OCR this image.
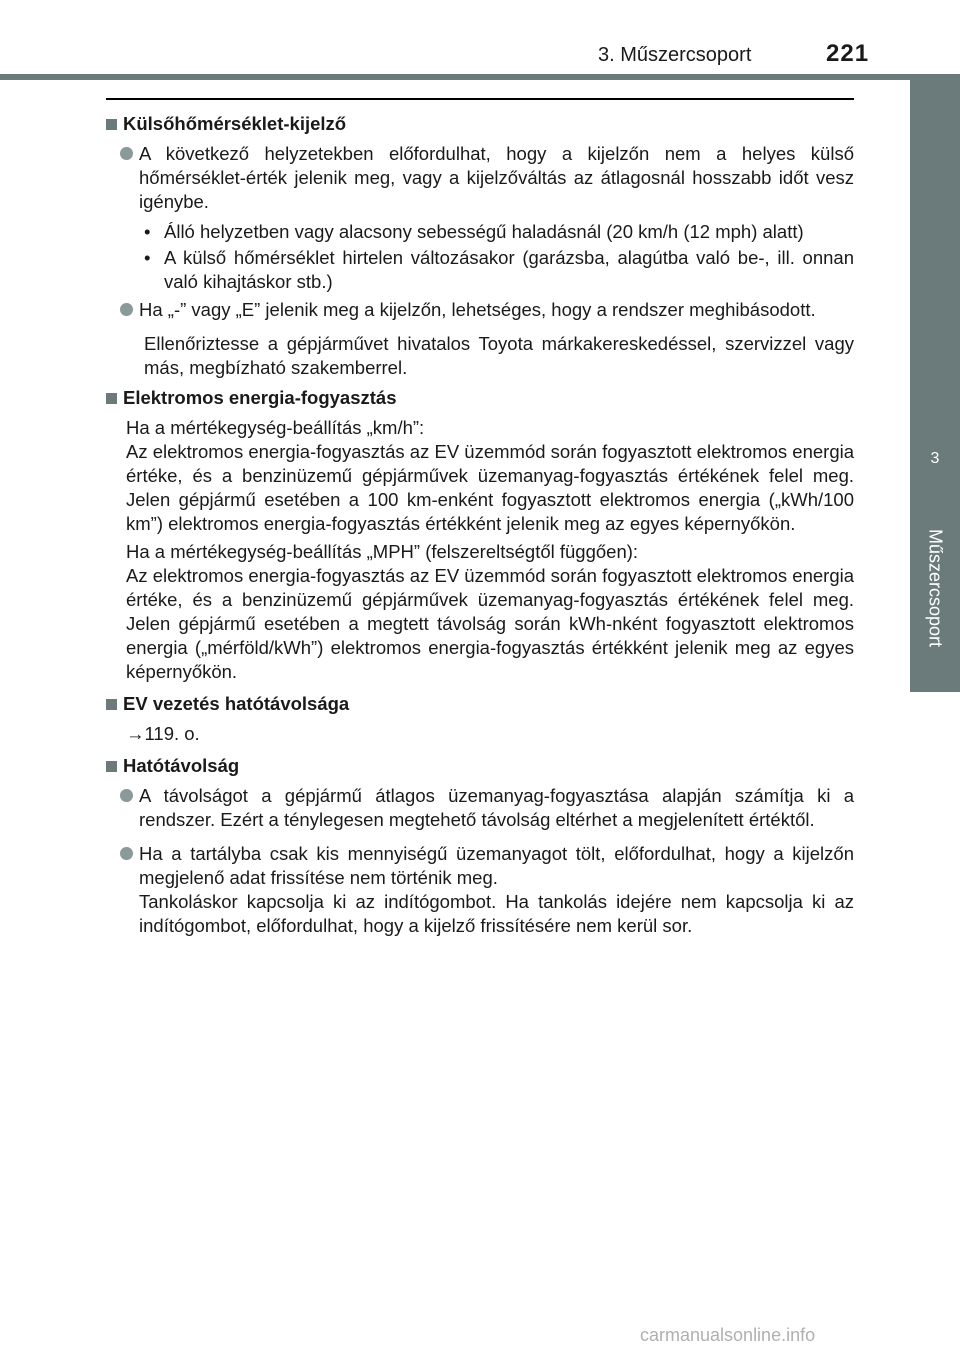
3. Műszercsoport	221
3
Műszercsoport
Külsőhőmérséklet-kijelző
A következő helyzetekben előfordulhat, hogy a kijelzőn nem a helyes külső hőmérséklet-érték jelenik meg, vagy a kijelzőváltás az átlagosnál hosszabb időt vesz igénybe.
• Álló helyzetben vagy alacsony sebességű haladásnál (20 km/h (12 mph) alatt)
• A külső hőmérséklet hirtelen változásakor (garázsba, alagútba való be-, ill. onnan való kihajtáskor stb.)
Ha „-” vagy „E” jelenik meg a kijelzőn, lehetséges, hogy a rendszer meghibásodott.
Ellenőriztesse a gépjárművet hivatalos Toyota márkakereskedéssel, szervizzel vagy más, megbízható szakemberrel.
Elektromos energia-fogyasztás
Ha a mértékegység-beállítás „km/h”:
Az elektromos energia-fogyasztás az EV üzemmód során fogyasztott elektromos energia értéke, és a benzinüzemű gépjárművek üzemanyag-fogyasztás értékének felel meg. Jelen gépjármű esetében a 100 km-enként fogyasztott elektromos energia („kWh/100 km”) elektromos energia-fogyasztás értékként jelenik meg az egyes képernyőkön.
Ha a mértékegység-beállítás „MPH” (felszereltségtől függően):
Az elektromos energia-fogyasztás az EV üzemmód során fogyasztott elektromos energia értéke, és a benzinüzemű gépjárművek üzemanyag-fogyasztás értékének felel meg. Jelen gépjármű esetében a megtett távolság során kWh-nként fogyasztott elektromos energia („mérföld/kWh”) elektromos energia-fogyasztás értékként jelenik meg az egyes képernyőkön.
EV vezetés hatótávolsága
→119. o.
Hatótávolság
A távolságot a gépjármű átlagos üzemanyag-fogyasztása alapján számítja ki a rendszer. Ezért a ténylegesen megtehető távolság eltérhet a megjelenített értéktől.
Ha a tartályba csak kis mennyiségű üzemanyagot tölt, előfordulhat, hogy a kijelzőn megjelenő adat frissítése nem történik meg.
Tankoláskor kapcsolja ki az indítógombot. Ha tankolás idejére nem kapcsolja ki az indítógombot, előfordulhat, hogy a kijelző frissítésére nem kerül sor.
carmanualsonline.info
